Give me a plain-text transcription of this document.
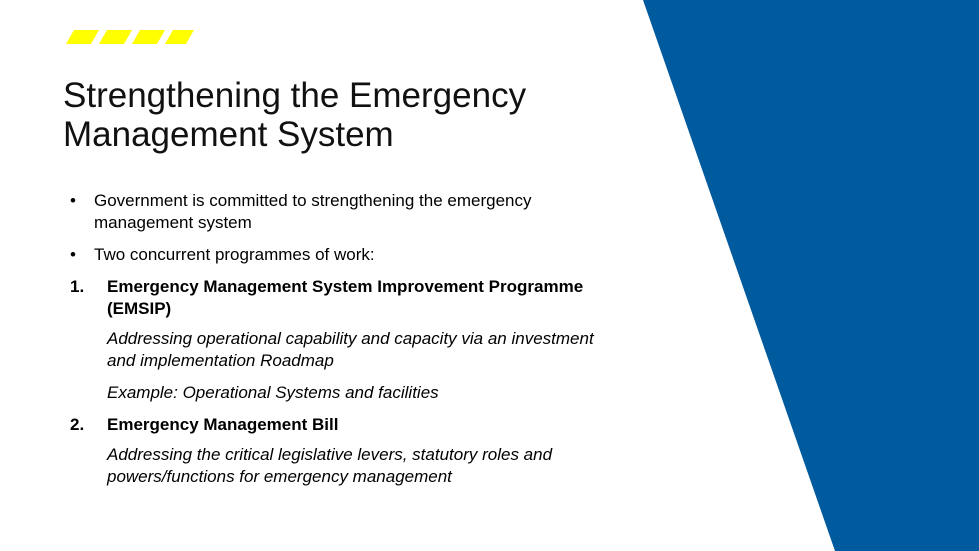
Strengthening the Emergency
Management System
• Government is committed to strengthening the emergency
management system
• Two concurrent programmes of work:
1. Emergency Management System Improvement Programme
(EMSIP)
Addressing operational capability and capacity via an investment
and implementation Roadmap
Example: Operational Systems and facilities
2. Emergency Management Bill
Addressing the critical legislative levers, statutory roles and
powers/functions for emergency management
